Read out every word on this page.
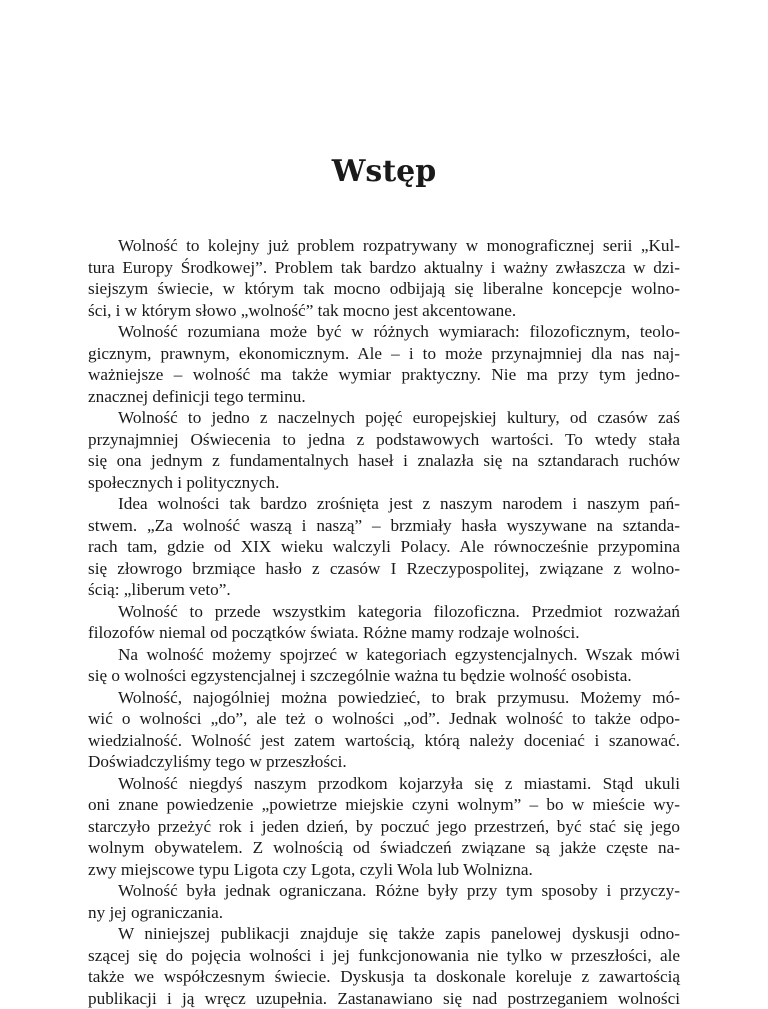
Wstęp
Wolność to kolejny już problem rozpatrywany w monograficznej serii „Kul-
tura Europy Środkowej”. Problem tak bardzo aktualny i ważny zwłaszcza w dzi-
siejszym świecie, w którym tak mocno odbijają się liberalne koncepcje wolno-
ści, i w którym słowo „wolność” tak mocno jest akcentowane.
Wolność rozumiana może być w różnych wymiarach: filozoficznym, teolo-
gicznym, prawnym, ekonomicznym. Ale – i to może przynajmniej dla nas naj-
ważniejsze – wolność ma także wymiar praktyczny. Nie ma przy tym jedno-
znacznej definicji tego terminu.
Wolność to jedno z naczelnych pojęć europejskiej kultury, od czasów zaś
przynajmniej Oświecenia to jedna z podstawowych wartości. To wtedy stała
się ona jednym z fundamentalnych haseł i znalazła się na sztandarach ruchów
społecznych i politycznych.
Idea wolności tak bardzo zrośnięta jest z naszym narodem i naszym pań-
stwem. „Za wolność waszą i naszą” – brzmiały hasła wyszywane na sztanda-
rach tam, gdzie od XIX wieku walczyli Polacy. Ale równocześnie przypomina
się złowrogo brzmiące hasło z czasów I Rzeczypospolitej, związane z wolno-
ścią: „liberum veto”.
Wolność to przede wszystkim kategoria filozoficzna. Przedmiot rozważań
filozofów niemal od początków świata. Różne mamy rodzaje wolności.
Na wolność możemy spojrzeć w kategoriach egzystencjalnych. Wszak mówi
się o wolności egzystencjalnej i szczególnie ważna tu będzie wolność osobista.
Wolność, najogólniej można powiedzieć, to brak przymusu. Możemy mó-
wić o wolności „do”, ale też o wolności „od”. Jednak wolność to także odpo-
wiedzialność. Wolność jest zatem wartością, którą należy doceniać i szanować.
Doświadczyliśmy tego w przeszłości.
Wolność niegdyś naszym przodkom kojarzyła się z miastami. Stąd ukuli
oni znane powiedzenie „powietrze miejskie czyni wolnym” – bo w mieście wy-
starczyło przeżyć rok i jeden dzień, by poczuć jego przestrzeń, być stać się jego
wolnym obywatelem. Z wolnością od świadczeń związane są jakże częste na-
zwy miejscowe typu Ligota czy Lgota, czyli Wola lub Wolnizna.
Wolność była jednak ograniczana. Różne były przy tym sposoby i przyczy-
ny jej ograniczania.
W niniejszej publikacji znajduje się także zapis panelowej dyskusji odno-
szącej się do pojęcia wolności i jej funkcjonowania nie tylko w przeszłości, ale
także we współczesnym świecie. Dyskusja ta doskonale koreluje z zawartością
publikacji i ją wręcz uzupełnia. Zastanawiano się nad postrzeganiem wolności
